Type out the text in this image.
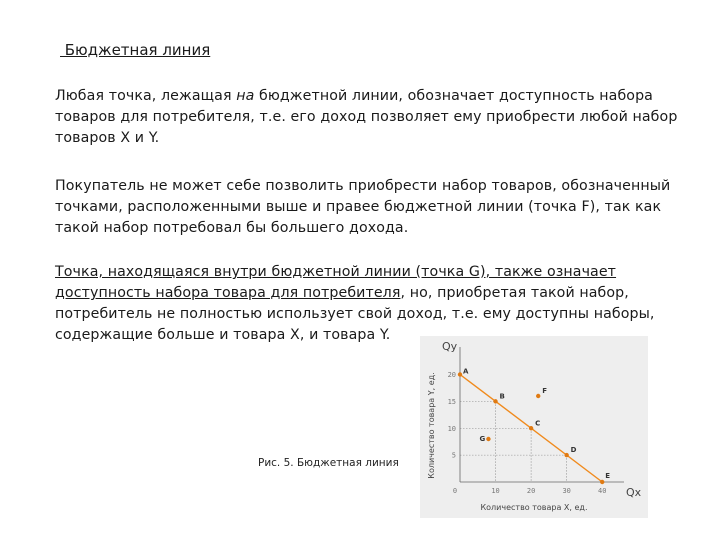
Бюджетная линия
Любая точка, лежащая на бюджетной линии, обозначает доступность набора товаров для потребителя, т.е. его доход позволяет ему приобрести любой набор товаров X и Y.
Покупатель не может себе позволить приобрести набор товаров, обозначенный точками, расположенными выше и правее бюджетной линии (точка F), так как такой набор потребовал бы большего дохода.
Точка, находящаяся внутри бюджетной линии (точка G), также означает доступность набора товара для потребителя, но, приобретая такой набор, потребитель не полностью использует свой доход, т.е. ему доступны наборы, содержащие больше и товара X, и товара Y.
Рис. 5. Бюджетная линия
0	10	20	30	40
20
15
10
5
A
B
C
D
E
F
G
Количество товара X, ед.
Количество товара Y, ед.
Qy
Qx
